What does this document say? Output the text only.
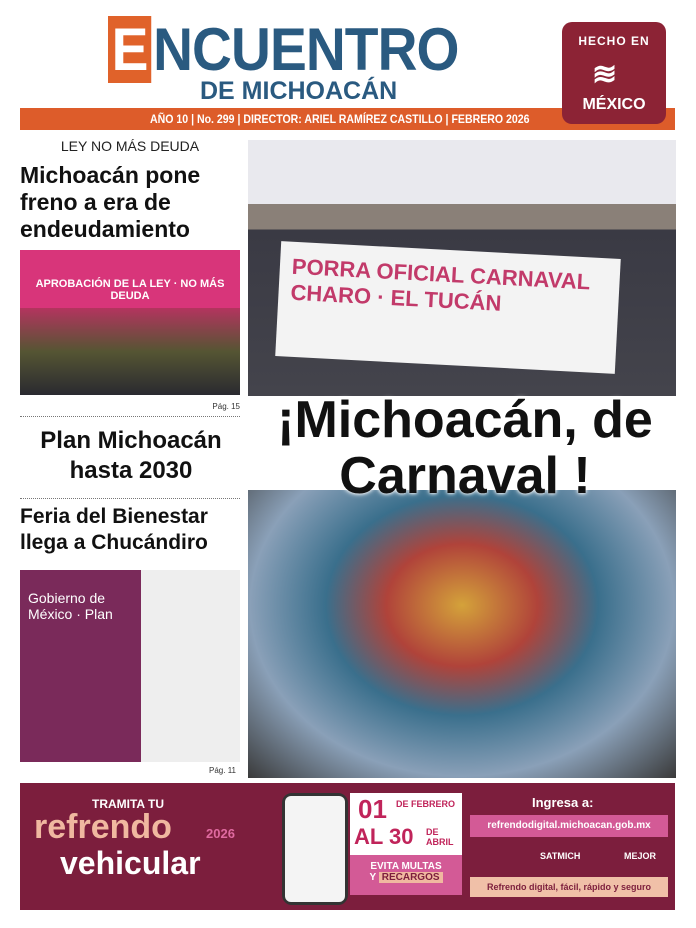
ENCUENTRO
DE MICHOACÁN
AÑO 10 | No. 299 | DIRECTOR: ARIEL RAMÍREZ CASTILLO | FEBRERO 2026
HECHO EN
≋
MÉXICO
LEY NO MÁS DEUDA
Michoacán pone freno a era de endeudamiento
APROBACIÓN DE LA LEY · NO MÁS DEUDA
Pág. 15
Plan Michoacán hasta 2030
Feria del Bienestar llega a Chucándiro
Gobierno de México · Plan
Pág. 11
PORRA OFICIAL CARNAVAL CHARO · EL TUCÁN
¡Michoacán, de Carnaval !
TRAMITA TU
refrendo	2026
vehicular
01 DE FEBRERO
AL 30 DE ABRIL
EVITA MULTAS
Y RECARGOS
Ingresa a:
refrendodigital.michoacan.gob.mx
SATMICH	MEJOR
Refrendo digital, fácil, rápido y seguro
